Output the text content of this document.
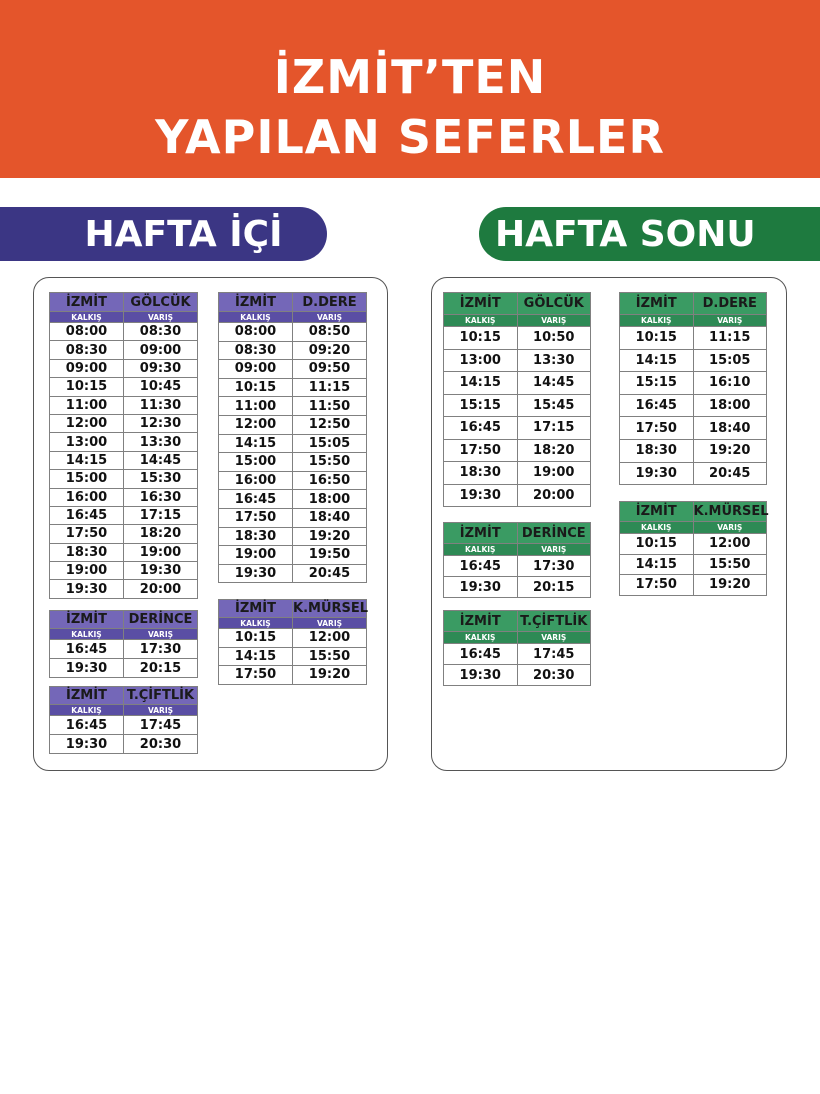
İZMİT’TEN
YAPILAN SEFERLER
HAFTA İÇİ	HAFTA SONU
İZMİT	GÖLCÜK
KALKIŞ	VARIŞ
08:00	08:30
08:30	09:00
09:00	09:30
10:15	10:45
11:00	11:30
12:00	12:30
13:00	13:30
14:15	14:45
15:00	15:30
16:00	16:30
16:45	17:15
17:50	18:20
18:30	19:00
19:00	19:30
19:30	20:00
İZMİT	DERİNCE
KALKIŞ	VARIŞ
16:45	17:30
19:30	20:15
İZMİT	T.ÇİFTLİK
KALKIŞ	VARIŞ
16:45	17:45
19:30	20:30
İZMİT	D.DERE
KALKIŞ	VARIŞ
08:00	08:50
08:30	09:20
09:00	09:50
10:15	11:15
11:00	11:50
12:00	12:50
14:15	15:05
15:00	15:50
16:00	16:50
16:45	18:00
17:50	18:40
18:30	19:20
19:00	19:50
19:30	20:45
İZMİT	K.MÜRSEL
KALKIŞ	VARIŞ
10:15	12:00
14:15	15:50
17:50	19:20
İZMİT	GÖLCÜK
KALKIŞ	VARIŞ
10:15	10:50
13:00	13:30
14:15	14:45
15:15	15:45
16:45	17:15
17:50	18:20
18:30	19:00
19:30	20:00
İZMİT	DERİNCE
KALKIŞ	VARIŞ
16:45	17:30
19:30	20:15
İZMİT	T.ÇİFTLİK
KALKIŞ	VARIŞ
16:45	17:45
19:30	20:30
İZMİT	D.DERE
KALKIŞ	VARIŞ
10:15	11:15
14:15	15:05
15:15	16:10
16:45	18:00
17:50	18:40
18:30	19:20
19:30	20:45
İZMİT	K.MÜRSEL
KALKIŞ	VARIŞ
10:15	12:00
14:15	15:50
17:50	19:20
